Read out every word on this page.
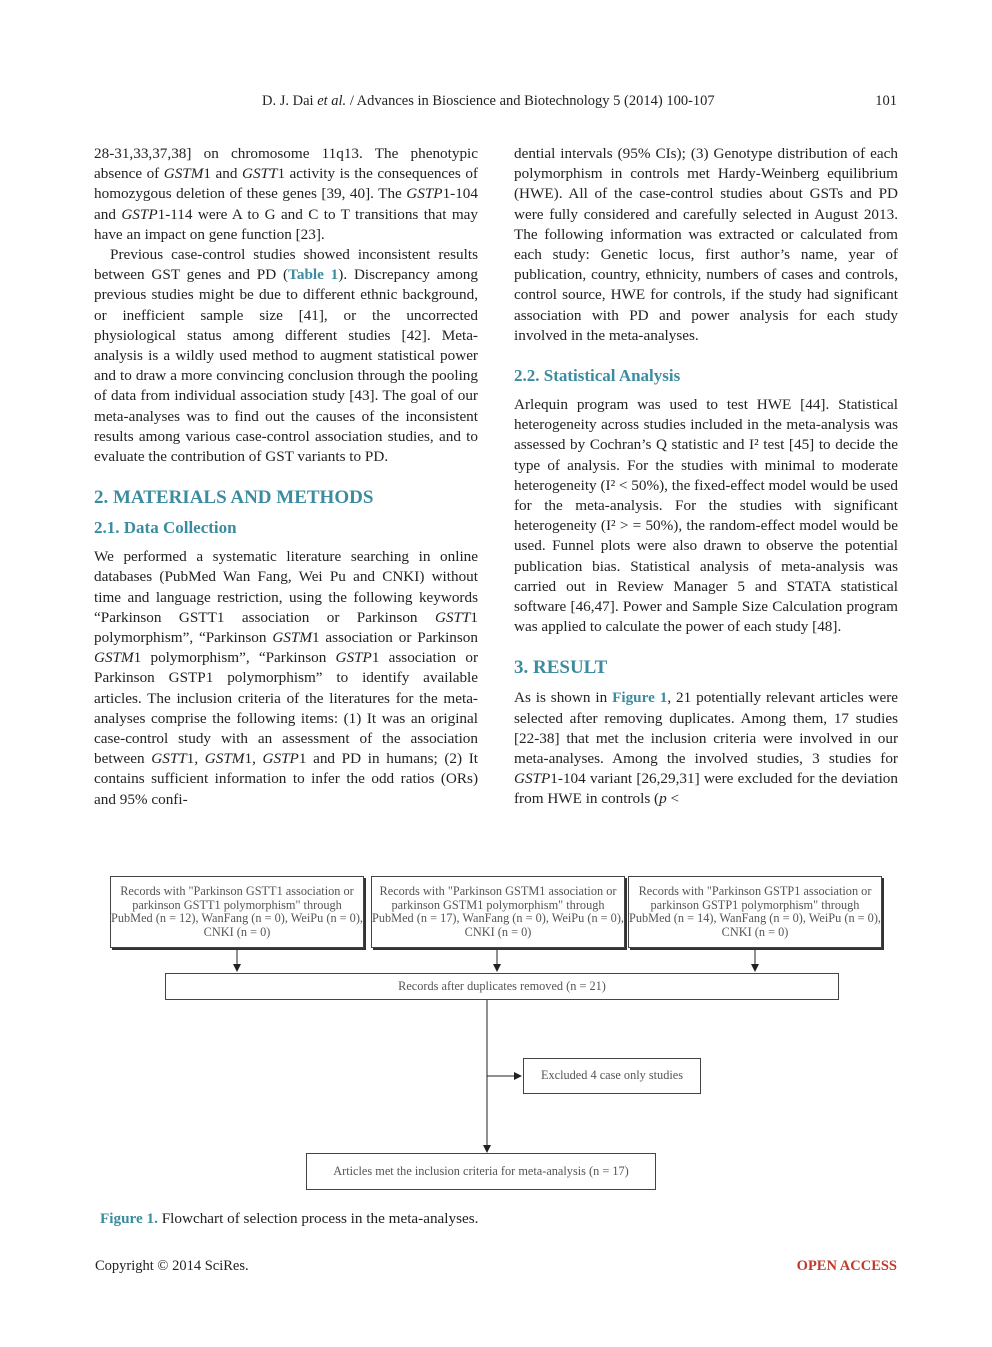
D. J. Dai et al. / Advances in Bioscience and Biotechnology 5 (2014) 100-107	101

28-31,33,37,38] on chromosome 11q13. The phenotypic absence of GSTM1 and GSTT1 activity is the consequences of homozygous deletion of these genes [39, 40]. The GSTP1-104 and GSTP1-114 were A to G and C to T transitions that may have an impact on gene function [23].

Previous case-control studies showed inconsistent results between GST genes and PD (Table 1). Discrepancy among previous studies might be due to different ethnic background, or inefficient sample size [41], or the uncorrected physiological status among different studies [42]. Meta-analysis is a wildly used method to augment statistical power and to draw a more convincing conclusion through the pooling of data from individual association study [43]. The goal of our meta-analyses was to find out the causes of the inconsistent results among various case-control association studies, and to evaluate the contribution of GST variants to PD.

2. MATERIALS AND METHODS
2.1. Data Collection

We performed a systematic literature searching in online databases (PubMed Wan Fang, Wei Pu and CNKI) without time and language restriction, using the following keywords “Parkinson GSTT1 association or Parkinson GSTT1 polymorphism”, “Parkinson GSTM1 association or Parkinson GSTM1 polymorphism”, “Parkinson GSTP1 association or Parkinson GSTP1 polymorphism” to identify available articles. The inclusion criteria of the literatures for the meta-analyses comprise the following items: (1) It was an original case-control study with an assessment of the association between GSTT1, GSTM1, GSTP1 and PD in humans; (2) It contains sufficient information to infer the odd ratios (ORs) and 95% confi-

dential intervals (95% CIs); (3) Genotype distribution of each polymorphism in controls met Hardy-Weinberg equilibrium (HWE). All of the case-control studies about GSTs and PD were fully considered and carefully selected in August 2013. The following information was extracted or calculated from each study: Genetic locus, first author’s name, year of publication, country, ethnicity, numbers of cases and controls, control source, HWE for controls, if the study had significant association with PD and power analysis for each study involved in the meta-analyses.

2.2. Statistical Analysis

Arlequin program was used to test HWE [44]. Statistical heterogeneity across studies included in the meta-analysis was assessed by Cochran’s Q statistic and I² test [45] to decide the type of analysis. For the studies with minimal to moderate heterogeneity (I² < 50%), the fixed-effect model would be used for the meta-analysis. For the studies with significant heterogeneity (I² > = 50%), the random-effect model would be used. Funnel plots were also drawn to observe the potential publication bias. Statistical analysis of meta-analysis was carried out in Review Manager 5 and STATA statistical software [46,47]. Power and Sample Size Calculation program was applied to calculate the power of each study [48].

3. RESULT

As is shown in Figure 1, 21 potentially relevant articles were selected after removing duplicates. Among them, 17 studies [22-38] that met the inclusion criteria were involved in our meta-analyses. Among the involved studies, 3 studies for GSTP1-104 variant [26,29,31] were excluded for the deviation from HWE in controls (p <

Records with "Parkinson GSTT1 association or parkinson GSTT1 polymorphism" through PubMed (n = 12), WanFang (n = 0), WeiPu (n = 0), CNKI (n = 0)
Records with "Parkinson GSTM1 association or parkinson GSTM1 polymorphism" through PubMed (n = 17), WanFang (n = 0), WeiPu (n = 0), CNKI (n = 0)
Records with "Parkinson GSTP1 association or parkinson GSTP1 polymorphism" through PubMed (n = 14), WanFang (n = 0), WeiPu (n = 0), CNKI (n = 0)
Records after duplicates removed (n = 21)
Excluded 4 case only studies
Articles met the inclusion criteria for meta-analysis (n = 17)
Figure 1. Flowchart of selection process in the meta-analyses.
Copyright © 2014 SciRes.	OPEN ACCESS
